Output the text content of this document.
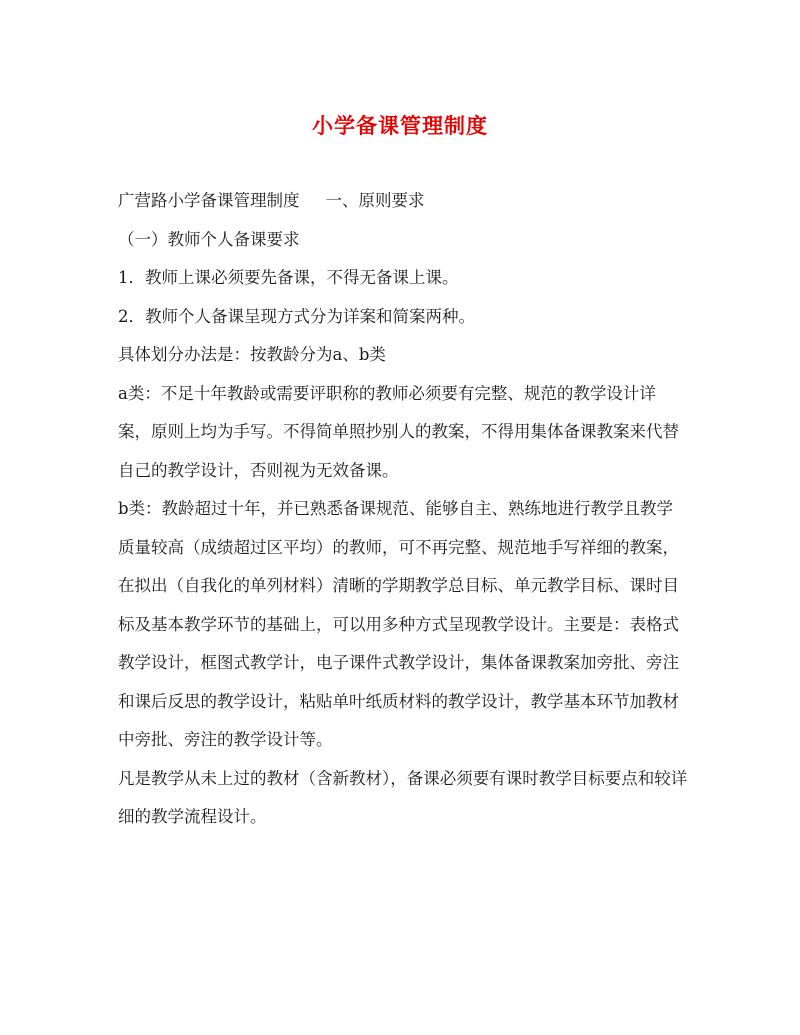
小学备课管理制度

广营路小学备课管理制度 一、原则要求

（一）教师个人备课要求

1．教师上课必须要先备课，不得无备课上课。

2．教师个人备课呈现方式分为详案和简案两种。

具体划分办法是：按教龄分为a、b类

a类：不足十年教龄或需要评职称的教师必须要有完整、规范的教学设计详案，原则上均为手写。不得简单照抄别人的教案，不得用集体备课教案来代替自己的教学设计，否则视为无效备课。

b类：教龄超过十年，并已熟悉备课规范、能够自主、熟练地进行教学且教学质量较高（成绩超过区平均）的教师，可不再完整、规范地手写祥细的教案，在拟出（自我化的单列材料）清晰的学期教学总目标、单元教学目标、课时目标及基本教学环节的基础上，可以用多种方式呈现教学设计。主要是：表格式教学设计，框图式教学计，电子课件式教学设计，集体备课教案加旁批、旁注和课后反思的教学设计，粘贴单叶纸质材料的教学设计，教学基本环节加教材中旁批、旁注的教学设计等。

凡是教学从未上过的教材（含新教材），备课必须要有课时教学目标要点和较详细的教学流程设计。
